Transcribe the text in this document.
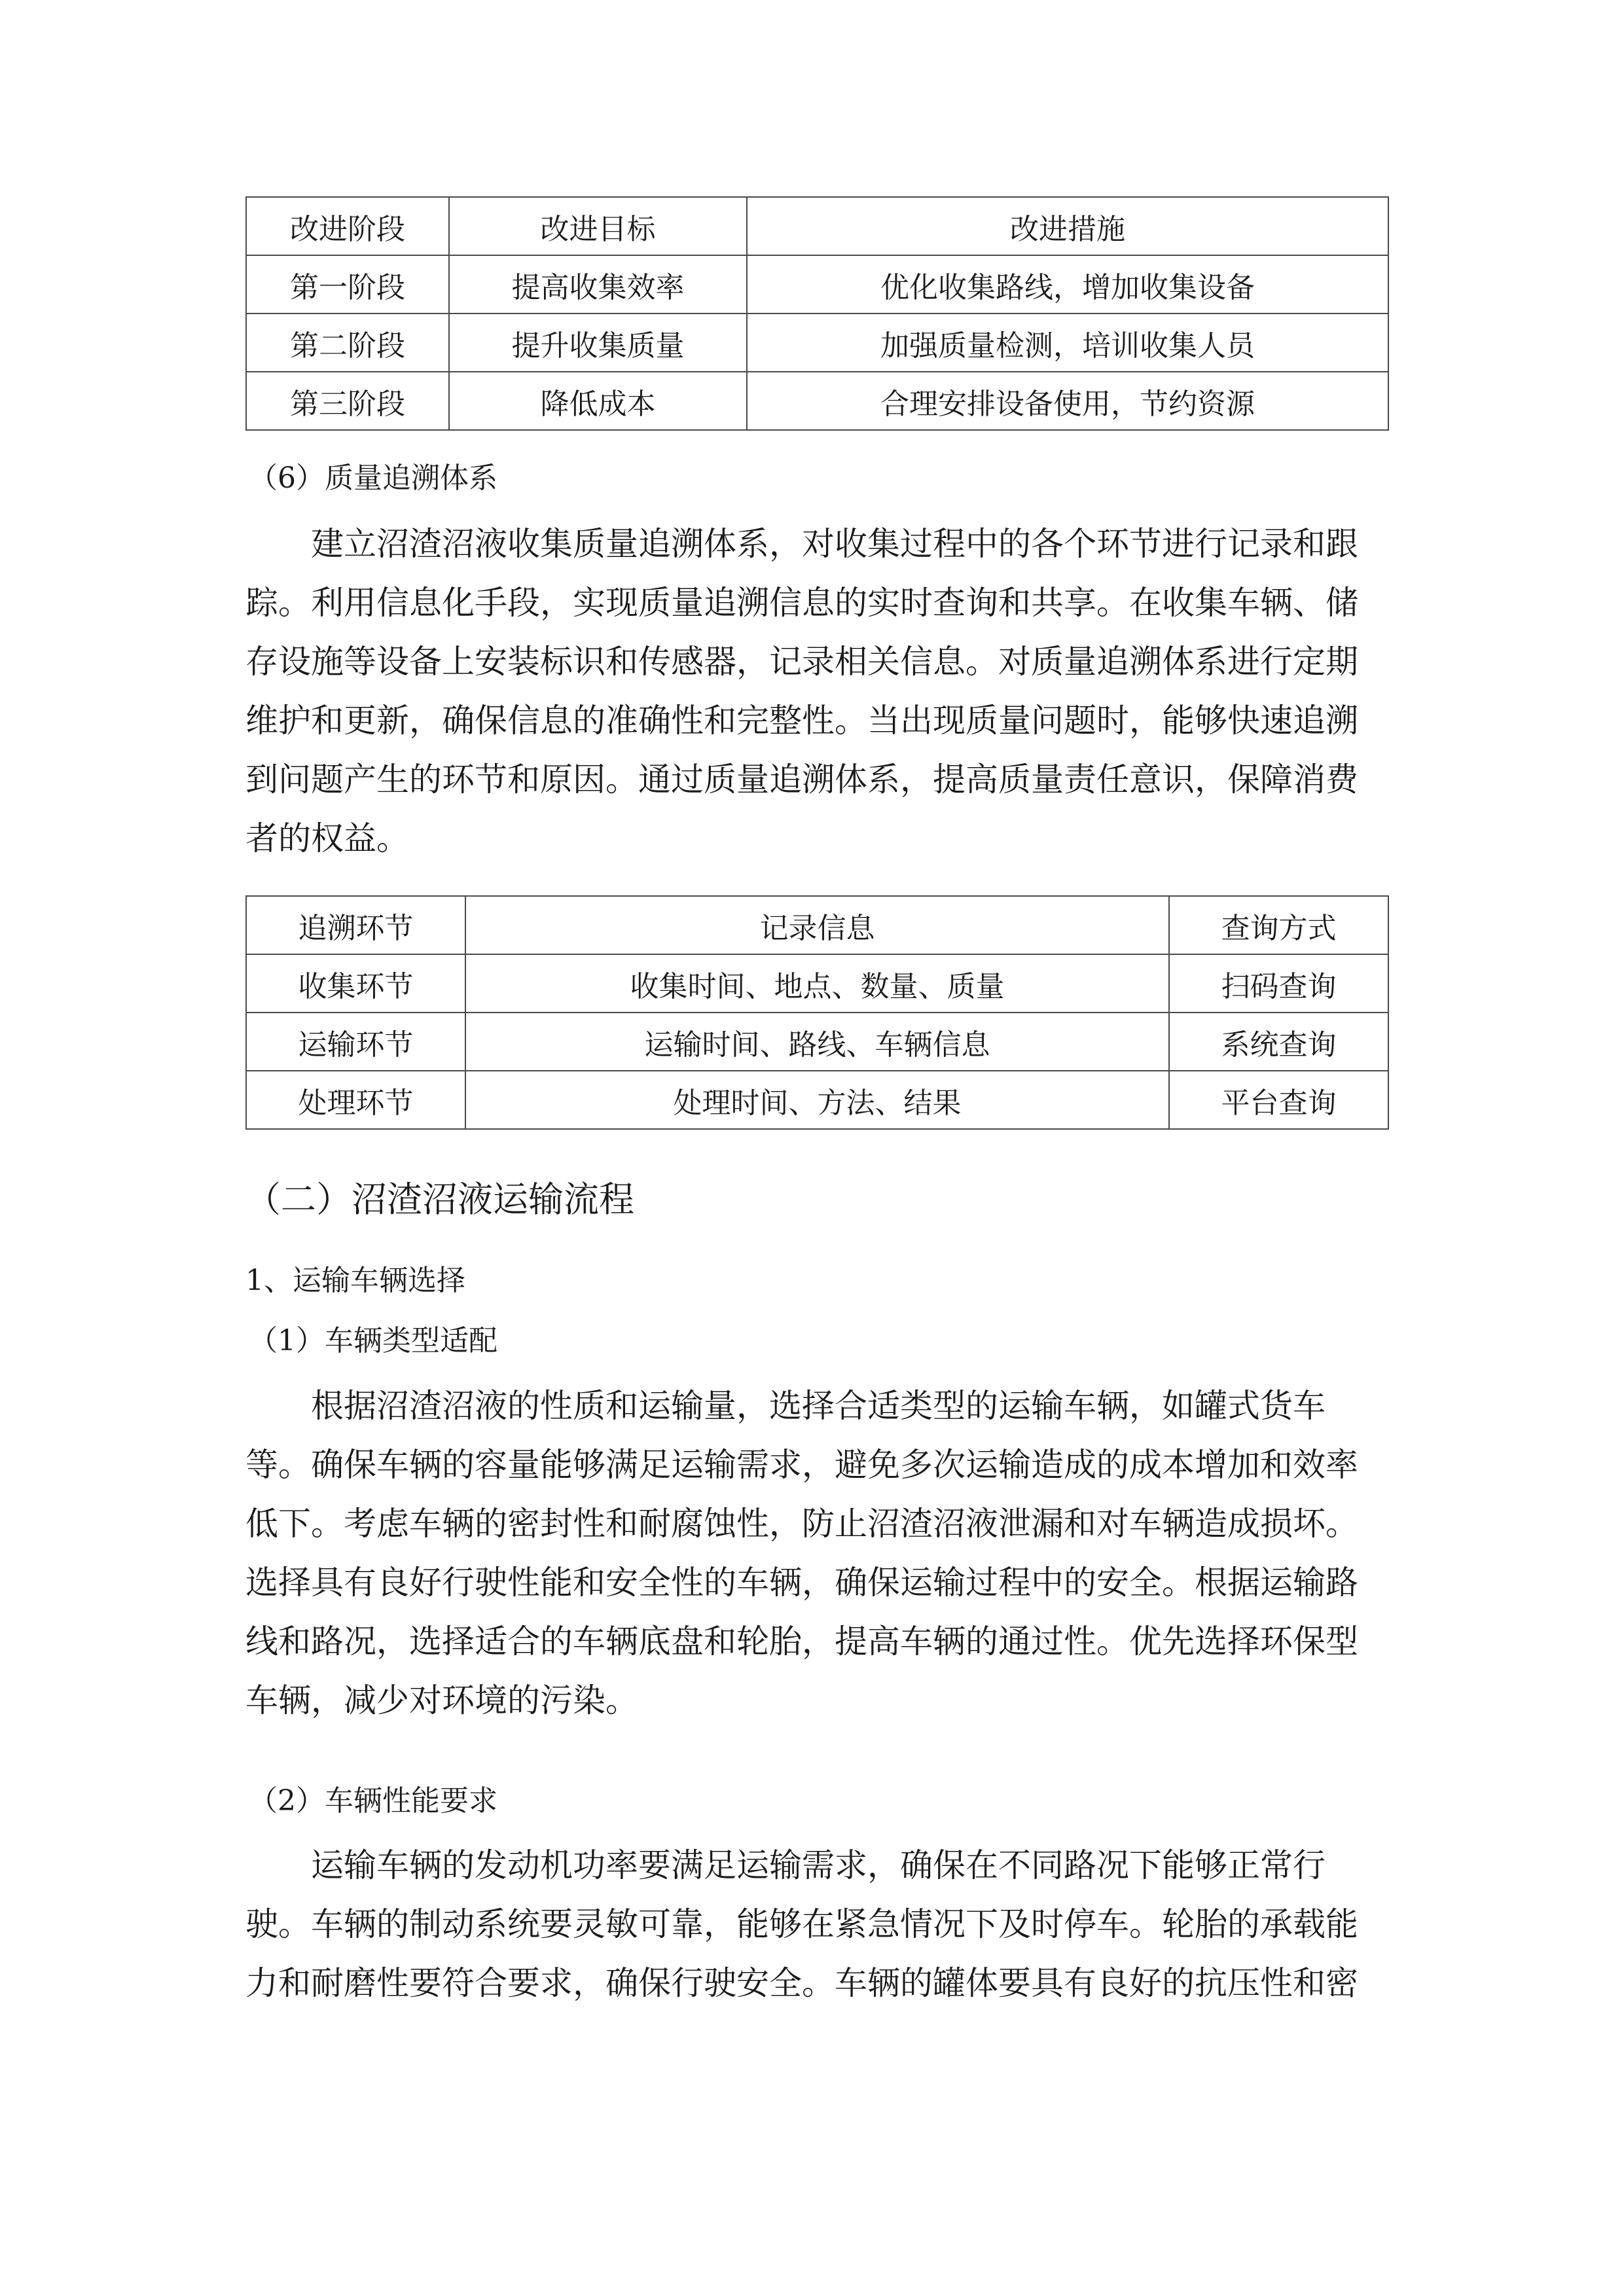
改进阶段	改进目标	改进措施
第一阶段	提高收集效率	优化收集路线，增加收集设备
第二阶段	提升收集质量	加强质量检测，培训收集人员
第三阶段	降低成本	合理安排设备使用，节约资源
（6）质量追溯体系
建立沼渣沼液收集质量追溯体系，对收集过程中的各个环节进行记录和跟
踪。利用信息化手段，实现质量追溯信息的实时查询和共享。在收集车辆、储
存设施等设备上安装标识和传感器，记录相关信息。对质量追溯体系进行定期
维护和更新，确保信息的准确性和完整性。当出现质量问题时，能够快速追溯
到问题产生的环节和原因。通过质量追溯体系，提高质量责任意识，保障消费
者的权益。
追溯环节	记录信息	查询方式
收集环节	收集时间、地点、数量、质量	扫码查询
运输环节	运输时间、路线、车辆信息	系统查询
处理环节	处理时间、方法、结果	平台查询
（二）沼渣沼液运输流程
1、运输车辆选择
（1）车辆类型适配
根据沼渣沼液的性质和运输量，选择合适类型的运输车辆，如罐式货车
等。确保车辆的容量能够满足运输需求，避免多次运输造成的成本增加和效率
低下。考虑车辆的密封性和耐腐蚀性，防止沼渣沼液泄漏和对车辆造成损坏。
选择具有良好行驶性能和安全性的车辆，确保运输过程中的安全。根据运输路
线和路况，选择适合的车辆底盘和轮胎，提高车辆的通过性。优先选择环保型
车辆，减少对环境的污染。
（2）车辆性能要求
运输车辆的发动机功率要满足运输需求，确保在不同路况下能够正常行
驶。车辆的制动系统要灵敏可靠，能够在紧急情况下及时停车。轮胎的承载能
力和耐磨性要符合要求，确保行驶安全。车辆的罐体要具有良好的抗压性和密
